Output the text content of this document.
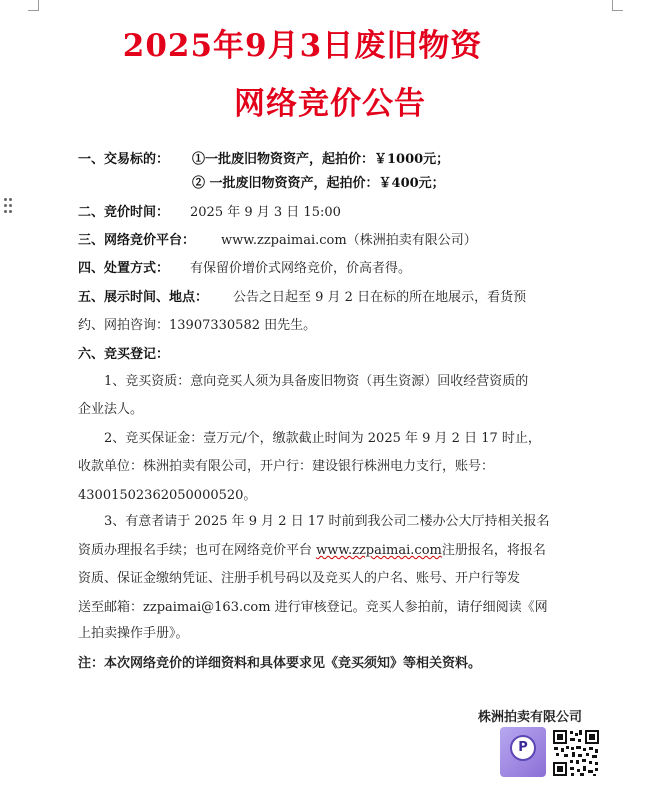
2025年9月3日废旧物资
网络竞价公告
一、交易标的： ①一批废旧物资资产，起拍价：￥1000元；
② 一批废旧物资资产，起拍价：￥400元；
二、竞价时间： 2025 年 9 月 3 日 15:00
三、网络竞价平台： www.zzpaimai.com（株洲拍卖有限公司）
四、处置方式： 有保留价增价式网络竞价，价高者得。
五、展示时间、地点： 公告之日起至 9 月 2 日在标的所在地展示，看货预
约、网拍咨询：13907330582 田先生。
六、竞买登记：
1、竞买资质：意向竞买人须为具备废旧物资（再生资源）回收经营资质的
企业法人。
2、竞买保证金：壹万元/个，缴款截止时间为 2025 年 9 月 2 日 17 时止，
收款单位：株洲拍卖有限公司，开户行：建设银行株洲电力支行，账号：
43001502362050000520。
3、有意者请于 2025 年 9 月 2 日 17 时前到我公司二楼办公大厅持相关报名
资质办理报名手续；也可在网络竞价平台 www.zzpaimai.com注册报名，将报名
资质、保证金缴纳凭证、注册手机号码以及竞买人的户名、账号、开户行等发
送至邮箱：zzpaimai@163.com 进行审核登记。竞买人参拍前，请仔细阅读《网
上拍卖操作手册》。
注：本次网络竞价的详细资料和具体要求见《竞买须知》等相关资料。
株洲拍卖有限公司
P
